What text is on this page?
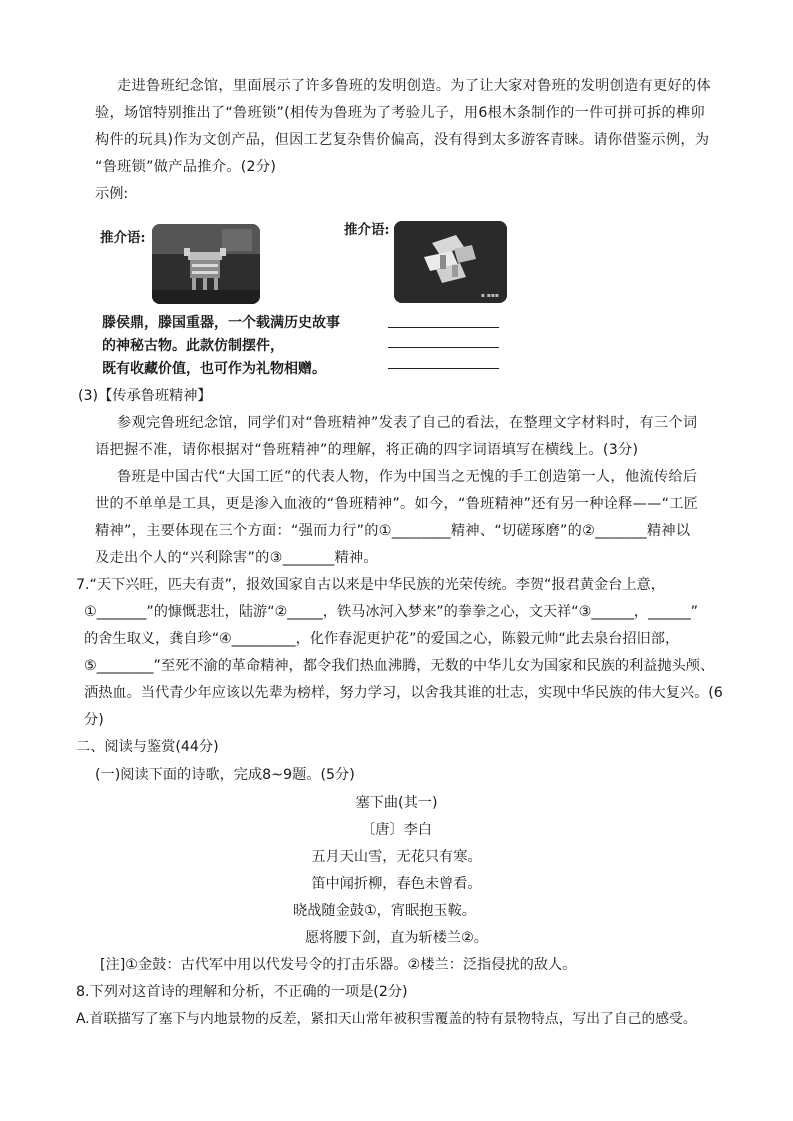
走进鲁班纪念馆，里面展示了许多鲁班的发明创造。为了让大家对鲁班的发明创造有更好的体
验，场馆特别推出了“鲁班锁”(相传为鲁班为了考验儿子，用6根木条制作的一件可拼可拆的榫卯
构件的玩具)作为文创产品，但因工艺复杂售价偏高，没有得到太多游客青睐。请你借鉴示例，为
“鲁班锁”做产品推介。(2分)
示例:
推介语:
滕侯鼎，滕国重器，一个载满历史故事
的神秘古物。此款仿制摆件，
既有收藏价值，也可作为礼物相赠。
推介语:
▪ ▪▪▪
(3)【传承鲁班精神】
参观完鲁班纪念馆，同学们对“鲁班精神”发表了自己的看法，在整理文字材料时，有三个词
语把握不准，请你根据对“鲁班精神”的理解，将正确的四字词语填写在横线上。(3分)
鲁班是中国古代“大国工匠”的代表人物，作为中国当之无愧的手工创造第一人，他流传给后
世的不单单是工具，更是渗入血液的“鲁班精神”。如今，“鲁班精神”还有另一种诠释——“工匠
精神”，主要体现在三个方面：“强而力行”的①________精神、“切磋琢磨”的②_______精神以
及走出个人的“兴利除害”的③_______精神。
7.“天下兴旺，匹夫有责”，报效国家自古以来是中华民族的光荣传统。李贺“报君黄金台上意，
①_______”的慷慨悲壮，陆游“②_____，铁马冰河入梦来”的拳拳之心，文天祥“③______，______”
的舍生取义，龚自珍“④_________，化作春泥更护花”的爱国之心，陈毅元帅“此去泉台招旧部，
⑤________”至死不渝的革命精神，都令我们热血沸腾，无数的中华儿女为国家和民族的利益抛头颅、
洒热血。当代青少年应该以先辈为榜样，努力学习，以舍我其谁的壮志，实现中华民族的伟大复兴。(6
分)
二、阅读与鉴赏(44分)
(一)阅读下面的诗歌，完成8~9题。(5分)
塞下曲(其一)
〔唐〕李白
五月天山雪，无花只有寒。
笛中闻折柳，春色未曾看。
晓战随金鼓①，宵眠抱玉鞍。
愿将腰下剑，直为斩楼兰②。
[注]①金鼓：古代军中用以代发号令的打击乐器。②楼兰：泛指侵扰的敌人。
8.下列对这首诗的理解和分析，不正确的一项是(2分)
A.首联描写了塞下与内地景物的反差，紧扣天山常年被积雪覆盖的特有景物特点，写出了自己的感受。
